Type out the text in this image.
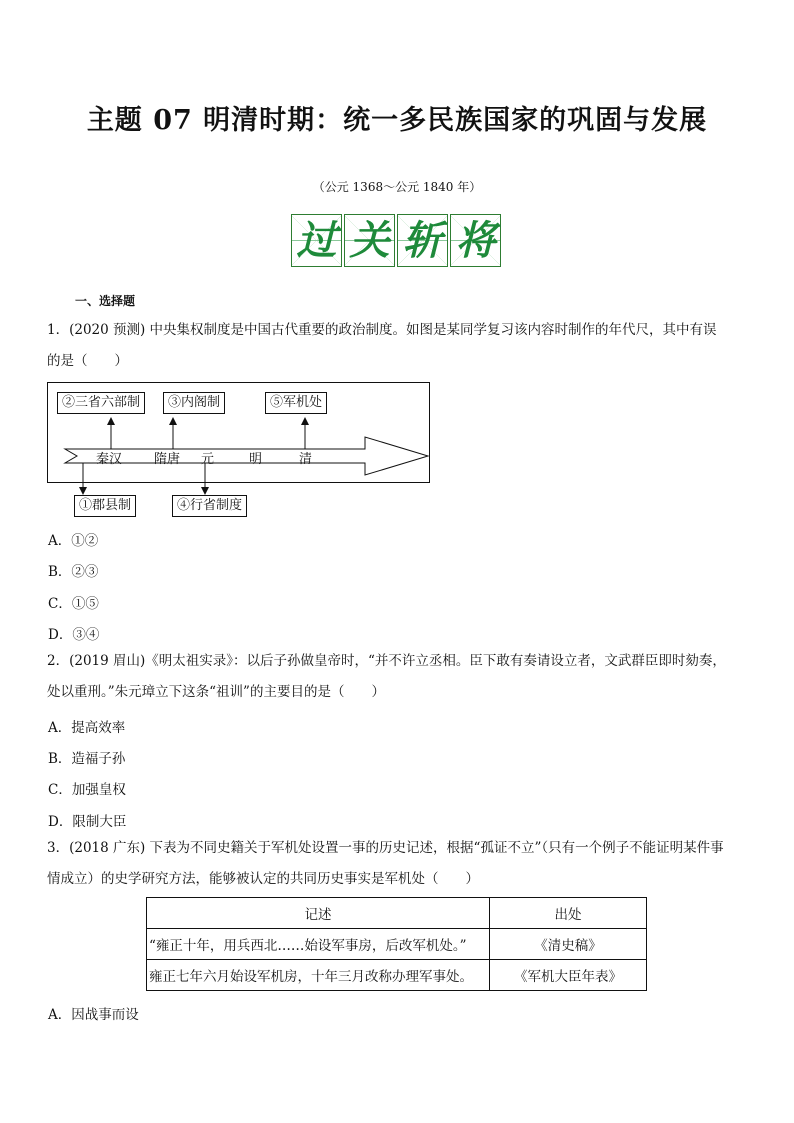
主题 07 明清时期：统一多民族国家的巩固与发展
（公元 1368～公元 1840 年）
过 关 斩 将
一、选择题
1．(2020 预测) 中央集权制度是中国古代重要的政治制度。如图是某同学复习该内容时制作的年代尺，其中有误
的是（　　）
②三省六部制	③内阁制	⑤军机处
秦汉 隋唐 元	明	清
①郡县制	④行省制度
A．①②
B．②③
C．①⑤
D．③④
2．(2019 眉山)《明太祖实录》：以后子孙做皇帝时，“并不许立丞相。臣下敢有奏请设立者，文武群臣即时劾奏，
处以重刑。”朱元璋立下这条“祖训”的主要目的是（　　）
A．提高效率
B．造福子孙
C．加强皇权
D．限制大臣
3．(2018 广东) 下表为不同史籍关于军机处设置一事的历史记述，根据“孤证不立”（只有一个例子不能证明某件事
情成立）的史学研究方法，能够被认定的共同历史事实是军机处（　　）
记述	出处
“雍正十年，用兵西北……始设军事房，后改军机处。”	《清史稿》
雍正七年六月始设军机房，十年三月改称办理军事处。	《军机大臣年表》
A．因战事而设
